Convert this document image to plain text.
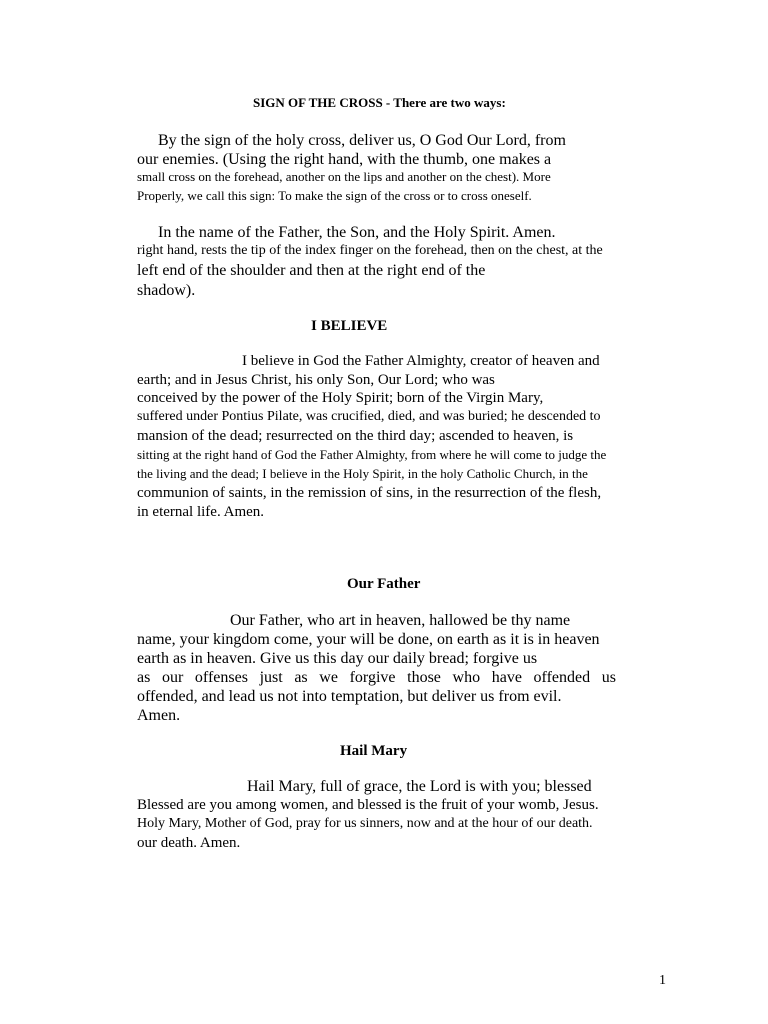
SIGN OF THE CROSS - There are two ways:
By the sign of the holy cross, deliver us, O God Our Lord, from
our enemies. (Using the right hand, with the thumb, one makes a
small cross on the forehead, another on the lips and another on the chest). More
Properly, we call this sign: To make the sign of the cross or to cross oneself.
In the name of the Father, the Son, and the Holy Spirit. Amen.
right hand, rests the tip of the index finger on the forehead, then on the chest, at the
left end of the shoulder and then at the right end of the
shadow).
I BELIEVE
I believe in God the Father Almighty, creator of heaven and
earth; and in Jesus Christ, his only Son, Our Lord; who was
conceived by the power of the Holy Spirit; born of the Virgin Mary,
suffered under Pontius Pilate, was crucified, died, and was buried; he descended to
mansion of the dead; resurrected on the third day; ascended to heaven, is
sitting at the right hand of God the Father Almighty, from where he will come to judge the
the living and the dead; I believe in the Holy Spirit, in the holy Catholic Church, in the
communion of saints, in the remission of sins, in the resurrection of the flesh,
in eternal life. Amen.
Our Father
Our Father, who art in heaven, hallowed be thy name
name, your kingdom come, your will be done, on earth as it is in heaven
earth as in heaven. Give us this day our daily bread; forgive us
as our offenses just as we forgive those who have offended us
offended, and lead us not into temptation, but deliver us from evil.
Amen.
Hail Mary
Hail Mary, full of grace, the Lord is with you; blessed
Blessed are you among women, and blessed is the fruit of your womb, Jesus.
Holy Mary, Mother of God, pray for us sinners, now and at the hour of our death.
our death. Amen.
1
